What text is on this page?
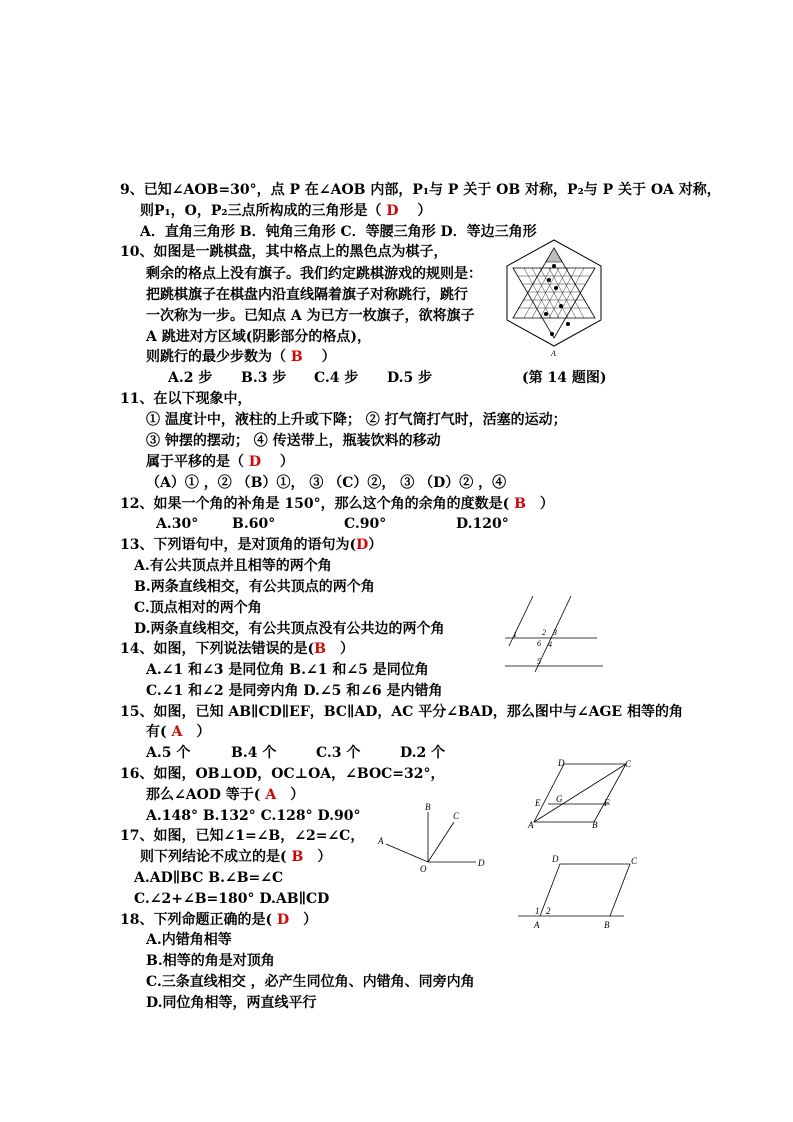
9、已知∠AOB=30°，点 P 在∠AOB 内部，P₁与 P 关于 OB 对称，P₂与 P 关于 OA 对称，
则P₁，O，P₂三点所构成的三角形是（ D　 ）
A．直角三角形 B．钝角三角形 C．等腰三角形 D．等边三角形
10、如图是一跳棋盘，其中格点上的黑色点为棋子，
剩余的格点上没有旗子。我们约定跳棋游戏的规则是：
把跳棋旗子在棋盘内沿直线隔着旗子对称跳行，跳行
一次称为一步。已知点 A 为已方一枚旗子，欲将旗子
A 跳进对方区域(阴影部分的格点)，
则跳行的最少步数为（ B　 ）
A.2 步 B.3 步 C.4 步 D.5 步	(第 14 题图)
A
11、在以下现象中，
① 温度计中，液柱的上升或下降； ② 打气筒打气时，活塞的运动；
③ 钟摆的摆动； ④ 传送带上，瓶装饮料的移动
属于平移的是（ D　 ）
（A）① ，② （B）①， ③ （C）②， ③ （D）② ，④
12、如果一个角的补角是 150°，那么这个角的余角的度数是( B　 ）
A.30° B.60°	C.90°	D.120°
13、下列语句中，是对顶角的语句为(D）
A.有公共顶点并且相等的两个角
B.两条直线相交，有公共顶点的两个角
C.顶点相对的两个角
D.两条直线相交，有公共顶点没有公共边的两个角	1	2 3
6 4
5
14、如图，下列说法错误的是(B　 ）
A.∠1 和∠3 是同位角 B.∠1 和∠5 是同位角
C.∠1 和∠2 是同旁内角 D.∠5 和∠6 是内错角
15、如图，已知 AB∥CD∥EF，BC∥AD，AC 平分∠BAD，那么图中与∠AGE 相等的角
有( A　 ）
A.5 个	B.4 个	C.3 个	D.2 个
D	C
E G	F
A	B
16、如图，OB⊥OD，OC⊥OA，∠BOC=32°，
那么∠AOD 等于( A　 ）
A.148° B.132° C.128° D.90°
B
C
A
O
D
17、如图，已知∠1=∠B，∠2=∠C，
则下列结论不成立的是( B　 ）
A.AD∥BC B.∠B=∠C
C.∠2+∠B=180° D.AB∥CD
D	C
1 2
A	B
18、下列命题正确的是( D　 ）
A.内错角相等
B.相等的角是对顶角
C.三条直线相交 ，必产生同位角、内错角、同旁内角
D.同位角相等，两直线平行
